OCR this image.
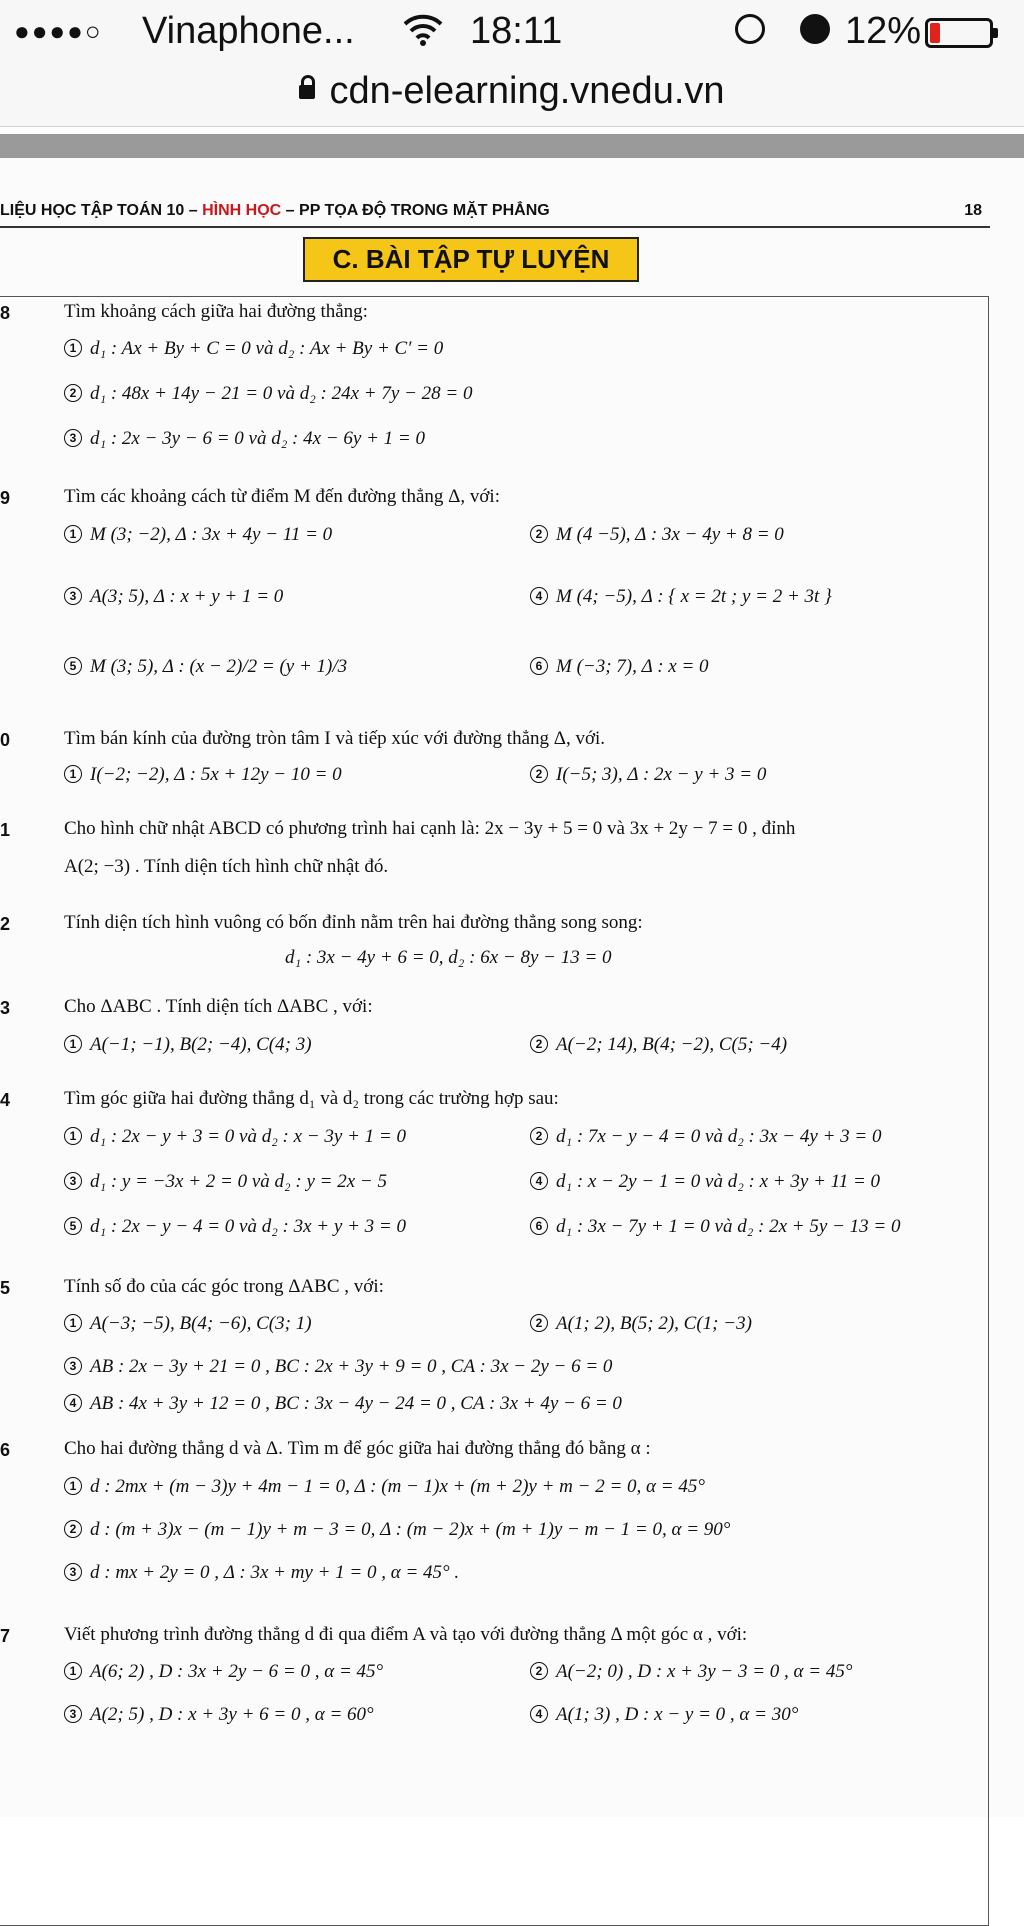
●●●●○ Vinaphone...	18:11	12%
cdn-elearning.vnedu.vn
LIỆU HỌC TẬP TOÁN 10 – HÌNH HỌC – PP TỌA ĐỘ TRONG MẶT PHẲNG	18
C. BÀI TẬP TỰ LUYỆN
8	Tìm khoảng cách giữa hai đường thẳng:
1 d₁ : Ax + By + C = 0 và d₂ : Ax + By + C′ = 0
2 d₁ : 48x + 14y − 21 = 0 và d₂ : 24x + 7y − 28 = 0
3 d₁ : 2x − 3y − 6 = 0 và d₂ : 4x − 6y + 1 = 0
9	Tìm các khoảng cách từ điểm M đến đường thẳng Δ, với:
1 M (3; −2), Δ : 3x + 4y − 11 = 0	2 M (4 −5), Δ : 3x − 4y + 8 = 0
3 A(3; 5), Δ : x + y + 1 = 0	4 M (4; −5), Δ : { x = 2t ; y = 2 + 3t }
5 M (3; 5), Δ : (x − 2)/2 = (y + 1)/3	6 M (−3; 7), Δ : x = 0
0	Tìm bán kính của đường tròn tâm I và tiếp xúc với đường thẳng Δ, với.
1 I(−2; −2), Δ : 5x + 12y − 10 = 0	2 I(−5; 3), Δ : 2x − y + 3 = 0
1	Cho hình chữ nhật ABCD có phương trình hai cạnh là: 2x − 3y + 5 = 0 và 3x + 2y − 7 = 0 , đỉnh
A(2; −3) . Tính diện tích hình chữ nhật đó.
2	Tính diện tích hình vuông có bốn đỉnh nằm trên hai đường thẳng song song:
d₁ : 3x − 4y + 6 = 0, d₂ : 6x − 8y − 13 = 0
3	Cho ΔABC . Tính diện tích ΔABC , với:
1 A(−1; −1), B(2; −4), C(4; 3)	2 A(−2; 14), B(4; −2), C(5; −4)
4	Tìm góc giữa hai đường thẳng d₁ và d₂ trong các trường hợp sau:
1 d₁ : 2x − y + 3 = 0 và d₂ : x − 3y + 1 = 0	2 d₁ : 7x − y − 4 = 0 và d₂ : 3x − 4y + 3 = 0
3 d₁ : y = −3x + 2 = 0 và d₂ : y = 2x − 5	4 d₁ : x − 2y − 1 = 0 và d₂ : x + 3y + 11 = 0
5 d₁ : 2x − y − 4 = 0 và d₂ : 3x + y + 3 = 0	6 d₁ : 3x − 7y + 1 = 0 và d₂ : 2x + 5y − 13 = 0
5	Tính số đo của các góc trong ΔABC , với:
1 A(−3; −5), B(4; −6), C(3; 1)	2 A(1; 2), B(5; 2), C(1; −3)
3 AB : 2x − 3y + 21 = 0 , BC : 2x + 3y + 9 = 0 , CA : 3x − 2y − 6 = 0
4 AB : 4x + 3y + 12 = 0 , BC : 3x − 4y − 24 = 0 , CA : 3x + 4y − 6 = 0
6	Cho hai đường thẳng d và Δ. Tìm m để góc giữa hai đường thẳng đó bằng α :
1 d : 2mx + (m − 3)y + 4m − 1 = 0, Δ : (m − 1)x + (m + 2)y + m − 2 = 0, α = 45°
2 d : (m + 3)x − (m − 1)y + m − 3 = 0, Δ : (m − 2)x + (m + 1)y − m − 1 = 0, α = 90°
3 d : mx + 2y = 0 , Δ : 3x + my + 1 = 0 , α = 45° .
7	Viết phương trình đường thẳng d đi qua điểm A và tạo với đường thẳng Δ một góc α , với:
1 A(6; 2) , D : 3x + 2y − 6 = 0 , α = 45°	2 A(−2; 0) , D : x + 3y − 3 = 0 , α = 45°
3 A(2; 5) , D : x + 3y + 6 = 0 , α = 60°	4 A(1; 3) , D : x − y = 0 , α = 30°
